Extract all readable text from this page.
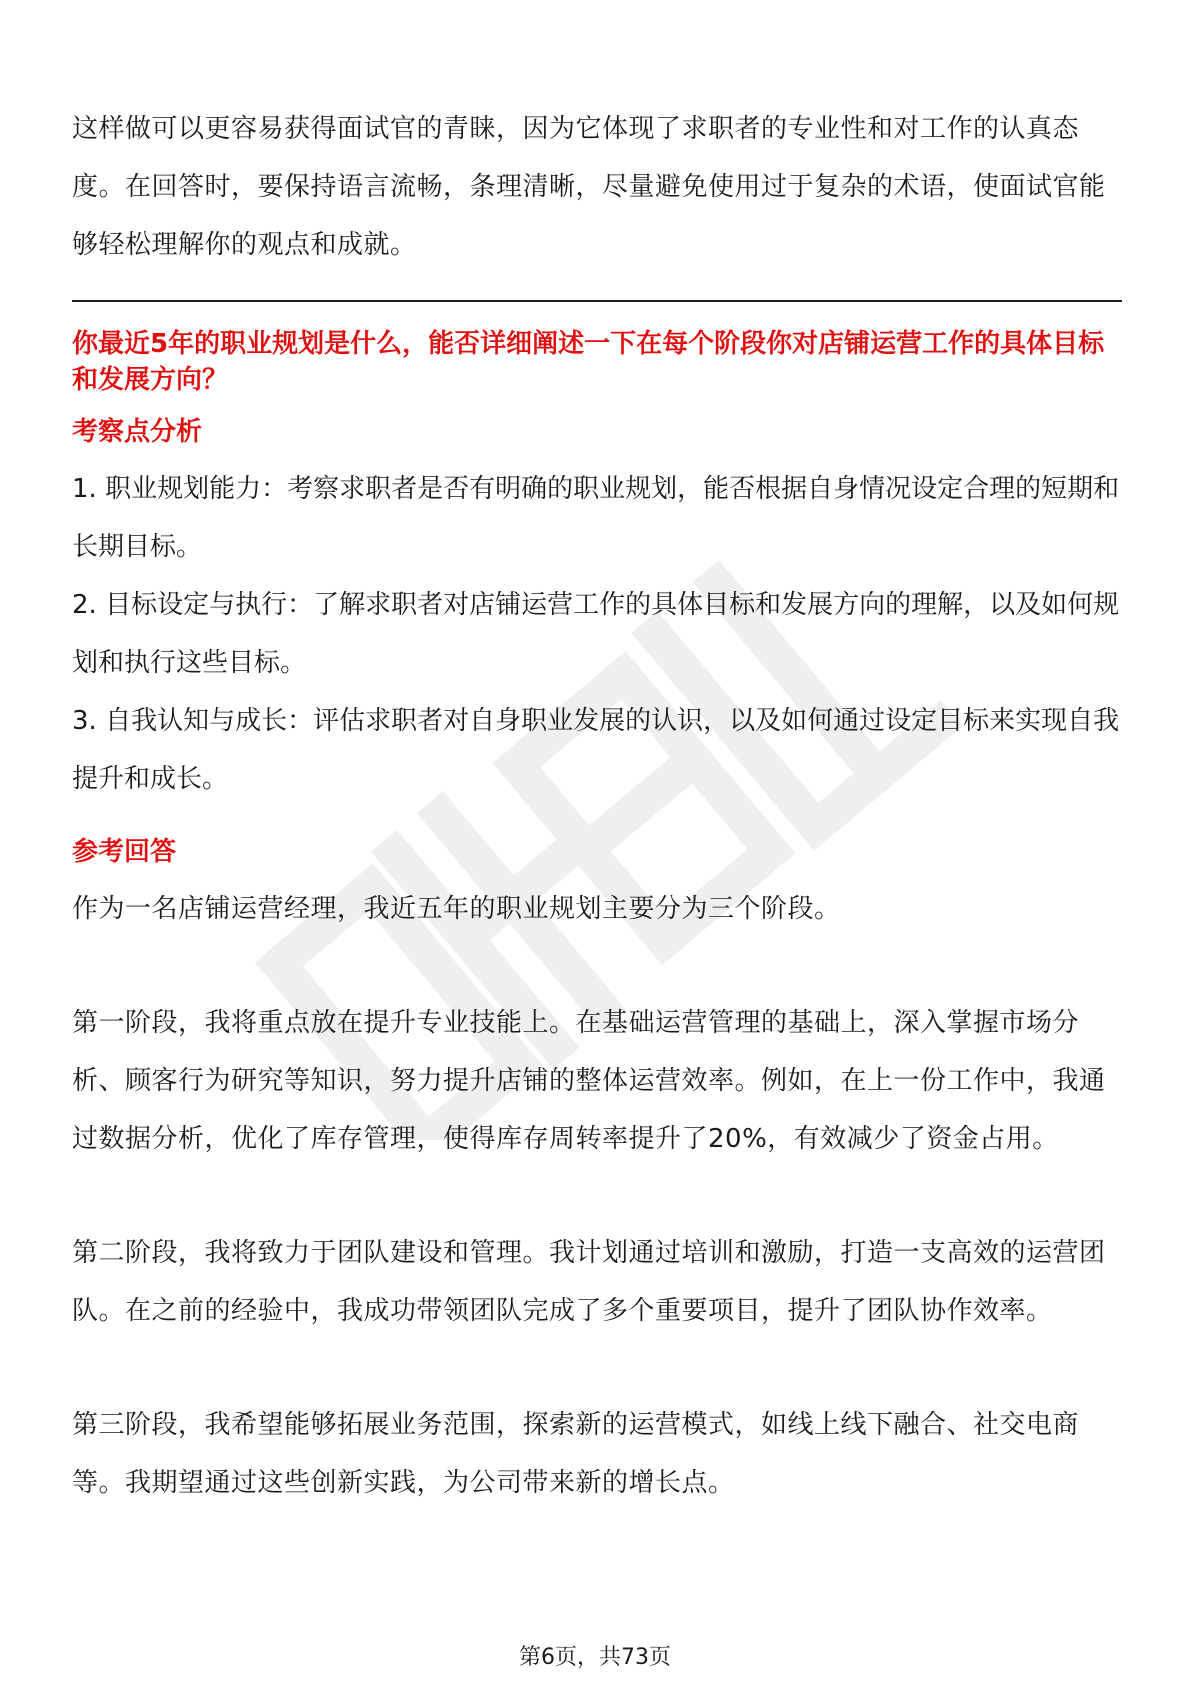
这样做可以更容易获得面试官的青睐，因为它体现了求职者的专业性和对工作的认真态度。在回答时，要保持语言流畅，条理清晰，尽量避免使用过于复杂的术语，使面试官能够轻松理解你的观点和成就。

你最近5年的职业规划是什么，能否详细阐述一下在每个阶段你对店铺运营工作的具体目标和发展方向？

考察点分析

1. 职业规划能力：考察求职者是否有明确的职业规划，能否根据自身情况设定合理的短期和长期目标。

2. 目标设定与执行：了解求职者对店铺运营工作的具体目标和发展方向的理解，以及如何规划和执行这些目标。

3. 自我认知与成长：评估求职者对自身职业发展的认识，以及如何通过设定目标来实现自我提升和成长。

参考回答

作为一名店铺运营经理，我近五年的职业规划主要分为三个阶段。

第一阶段，我将重点放在提升专业技能上。在基础运营管理的基础上，深入掌握市场分析、顾客行为研究等知识，努力提升店铺的整体运营效率。例如，在上一份工作中，我通过数据分析，优化了库存管理，使得库存周转率提升了20%，有效减少了资金占用。

第二阶段，我将致力于团队建设和管理。我计划通过培训和激励，打造一支高效的运营团队。在之前的经验中，我成功带领团队完成了多个重要项目，提升了团队协作效率。

第三阶段，我希望能够拓展业务范围，探索新的运营模式，如线上线下融合、社交电商等。我期望通过这些创新实践，为公司带来新的增长点。

第6页，共73页
